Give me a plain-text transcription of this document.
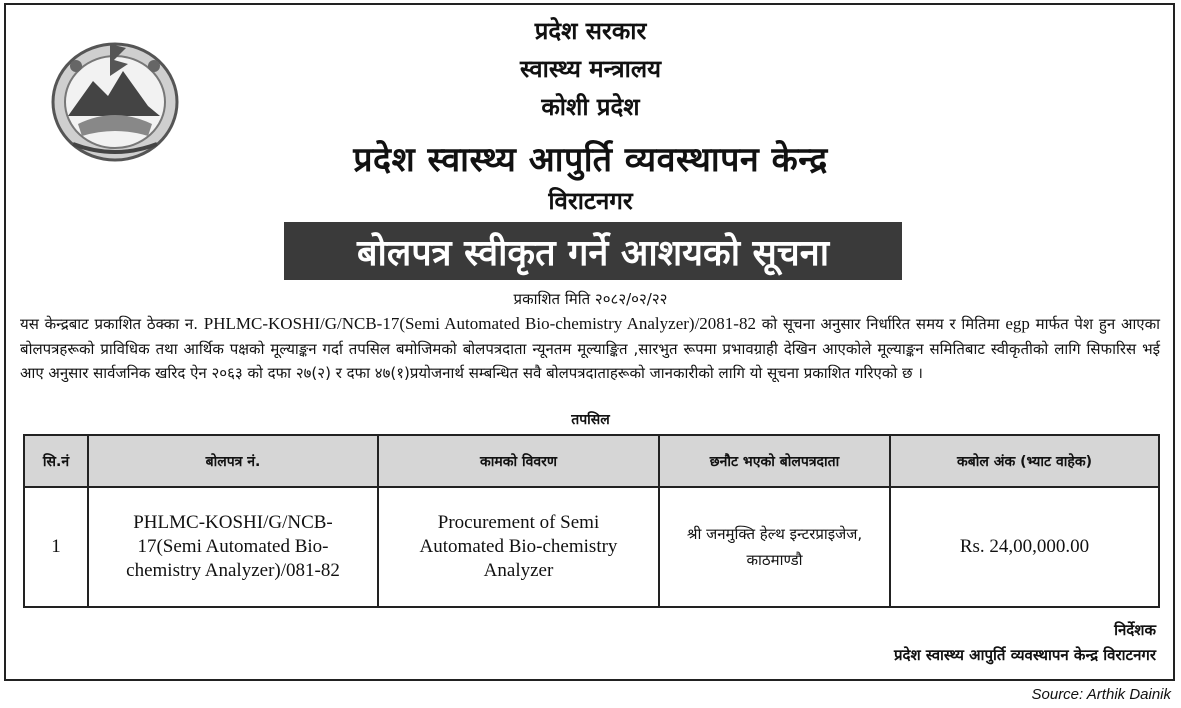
प्रदेश सरकार
स्वास्थ्य मन्त्रालय
कोशी प्रदेश
प्रदेश स्वास्थ्य आपुर्ति व्यवस्थापन केन्द्र
विराटनगर
बोलपत्र स्वीकृत गर्ने आशयको सूचना
प्रकाशित मिति २०८२/०२/२२
यस केन्द्रबाट प्रकाशित ठेक्का न. PHLMC-KOSHI/G/NCB-17(Semi Automated Bio-chemistry Analyzer)/2081-82 को सूचना अनुसार निर्धारित समय र मितिमा egp मार्फत पेश हुन आएका बोलपत्रहरूको प्राविधिक तथा आर्थिक पक्षको मूल्याङ्कन गर्दा तपसिल बमोजिमको बोलपत्रदाता न्यूनतम मूल्याङ्कित ,सारभुत रूपमा प्रभावग्राही देखिन आएकोले मूल्याङ्कन समितिबाट स्वीकृतीको लागि सिफारिस भई आए अनुसार सार्वजनिक खरिद ऐन २०६३ को दफा २७(२) र दफा ४७(१)प्रयोजनार्थ सम्बन्धित सवै बोलपत्रदाताहरूको जानकारीको लागि यो सूचना प्रकाशित गरिएको छ ।
तपसिल
सि.नं	बोलपत्र नं.	कामको विवरण	छनौट भएको बोलपत्रदाता	कबोल अंक (भ्याट वाहेक)
1	PHLMC-KOSHI/G/NCB-17(Semi Automated Bio-chemistry Analyzer)/081-82	Procurement of Semi Automated Bio-chemistry Analyzer	श्री जनमुक्ति हेल्थ इन्टरप्राइजेज, काठमाण्डौ	Rs. 24,00,000.00
निर्देशक
प्रदेश स्वास्थ्य आपुर्ति व्यवस्थापन केन्द्र विराटनगर
Source: Arthik Dainik
